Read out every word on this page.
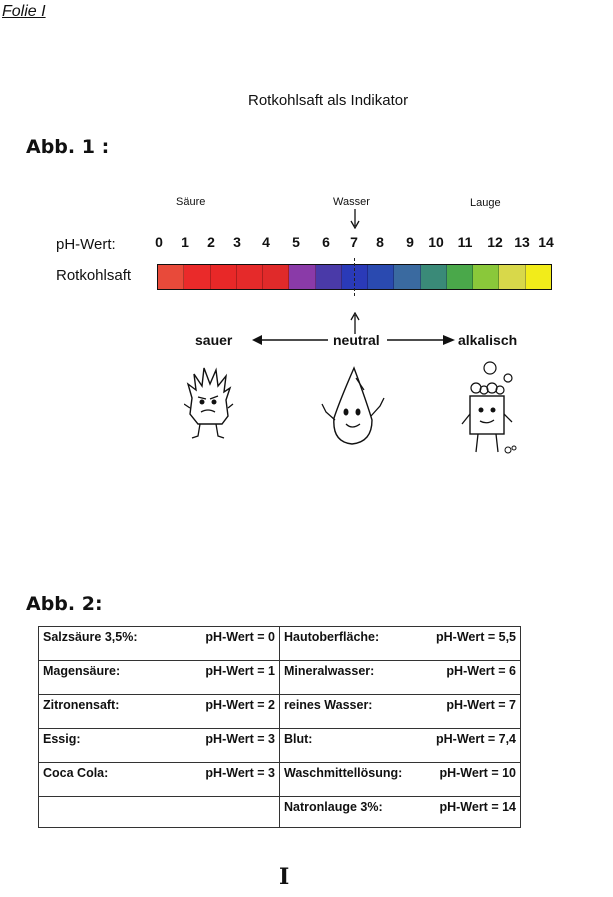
Folie I
Rotkohlsaft als Indikator
Abb. 1 :
Säure	Wasser	Lauge
pH-Wert:	0	1	2	3	4	5	6	7	8	9	10 11 12 13 14
Rotkohlsaft
sauer	neutral	alkalisch
Abb. 2:
Salzsäure 3,5%: pH-Wert = 0	Hautoberfläche: pH-Wert = 5,5

Magensäure: pH-Wert = 1	Mineralwasser: pH-Wert = 6

Zitronensaft: pH-Wert = 2	reines Wasser: pH-Wert = 7

Essig: pH-Wert = 3	Blut: pH-Wert = 7,4

Coca Cola: pH-Wert = 3	Waschmittellösung: pH-Wert = 10

	Natronlauge 3%: pH-Wert = 14
I
